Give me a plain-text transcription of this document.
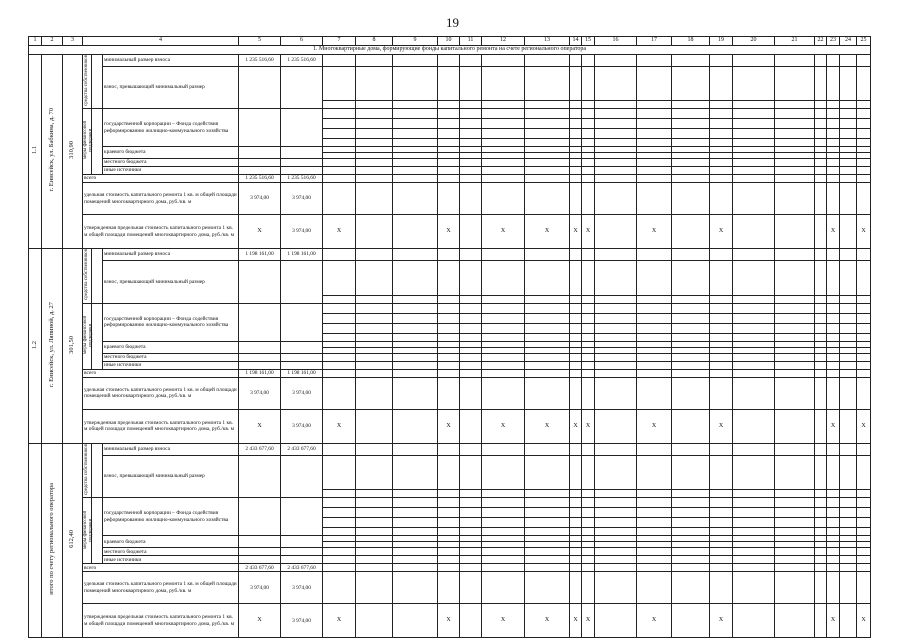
19
1	2	3	4			5	6	7	8	9	10	11	12	13	14	15	16	17	18	19	20	21	22	23	24	25
1. Многоквартирные дома, формирующие фонды капитального ремонта на счете регионального оператора																										
1.1	г. Енисейск, ул. Бабкина, д. 70	310,90	средства собственников		минимальный размер взноса	1 235 516,60	1 235 516,60																			
					взнос, превышающий минимальный размер																					

			меры финансовой поддержки		государственной корпорации – Фонда содействия реформированию жилищно-коммунального хозяйства																					

					краевого бюджета																					

					местного бюджета																					
					иные источники																					
			всего			1 235 516,60	1 235 516,60																			
			удельная стоимость капитального ремонта 1 кв. м общей площади помещений многоквартирного дома, руб./кв. м			3 974,00	3 974,00																			
			утвержденная предельная стоимость капитального ремонта 1 кв. м общей площади помещений многоквартирного дома, руб./кв. м			X	3 974,00	X			X		X	X	X	X		X		X				X		X
1.2	г. Енисейск, ул. Ляпиной, д. 27	301,50	средства собственников		минимальный размер взноса	1 198 161,00	1 198 161,00																			
					взнос, превышающий минимальный размер																					

			меры финансовой поддержки		государственной корпорации – Фонда содействия реформированию жилищно-коммунального хозяйства																					

					краевого бюджета																					

					местного бюджета																					
					иные источники																					
			всего			1 198 161,00	1 198 161,00																			
			удельная стоимость капитального ремонта 1 кв. м общей площади помещений многоквартирного дома, руб./кв. м			3 974,00	3 974,00																			
			утвержденная предельная стоимость капитального ремонта 1 кв. м общей площади помещений многоквартирного дома, руб./кв. м			X	3 974,00	X			X		X	X	X	X		X		X				X		X
	итого по счету регионального оператора	612,40	средства собственников		минимальный размер взноса	2 433 677,60	2 433 677,60																			
					взнос, превышающий минимальный размер																					

			меры финансовой поддержки		государственной корпорации – Фонда содействия реформированию жилищно-коммунального хозяйства																					

					краевого бюджета																					

					местного бюджета																					
					иные источники																					
			всего			2 433 677,60	2 433 677,60																			
			удельная стоимость капитального ремонта 1 кв. м общей площади помещений многоквартирного дома, руб./кв. м			3 974,00	3 974,00																			
			утвержденная предельная стоимость капитального ремонта 1 кв. м общей площади помещений многоквартирного дома, руб./кв. м			X	3 974,00	X			X		X	X	X	X		X		X				X		X
